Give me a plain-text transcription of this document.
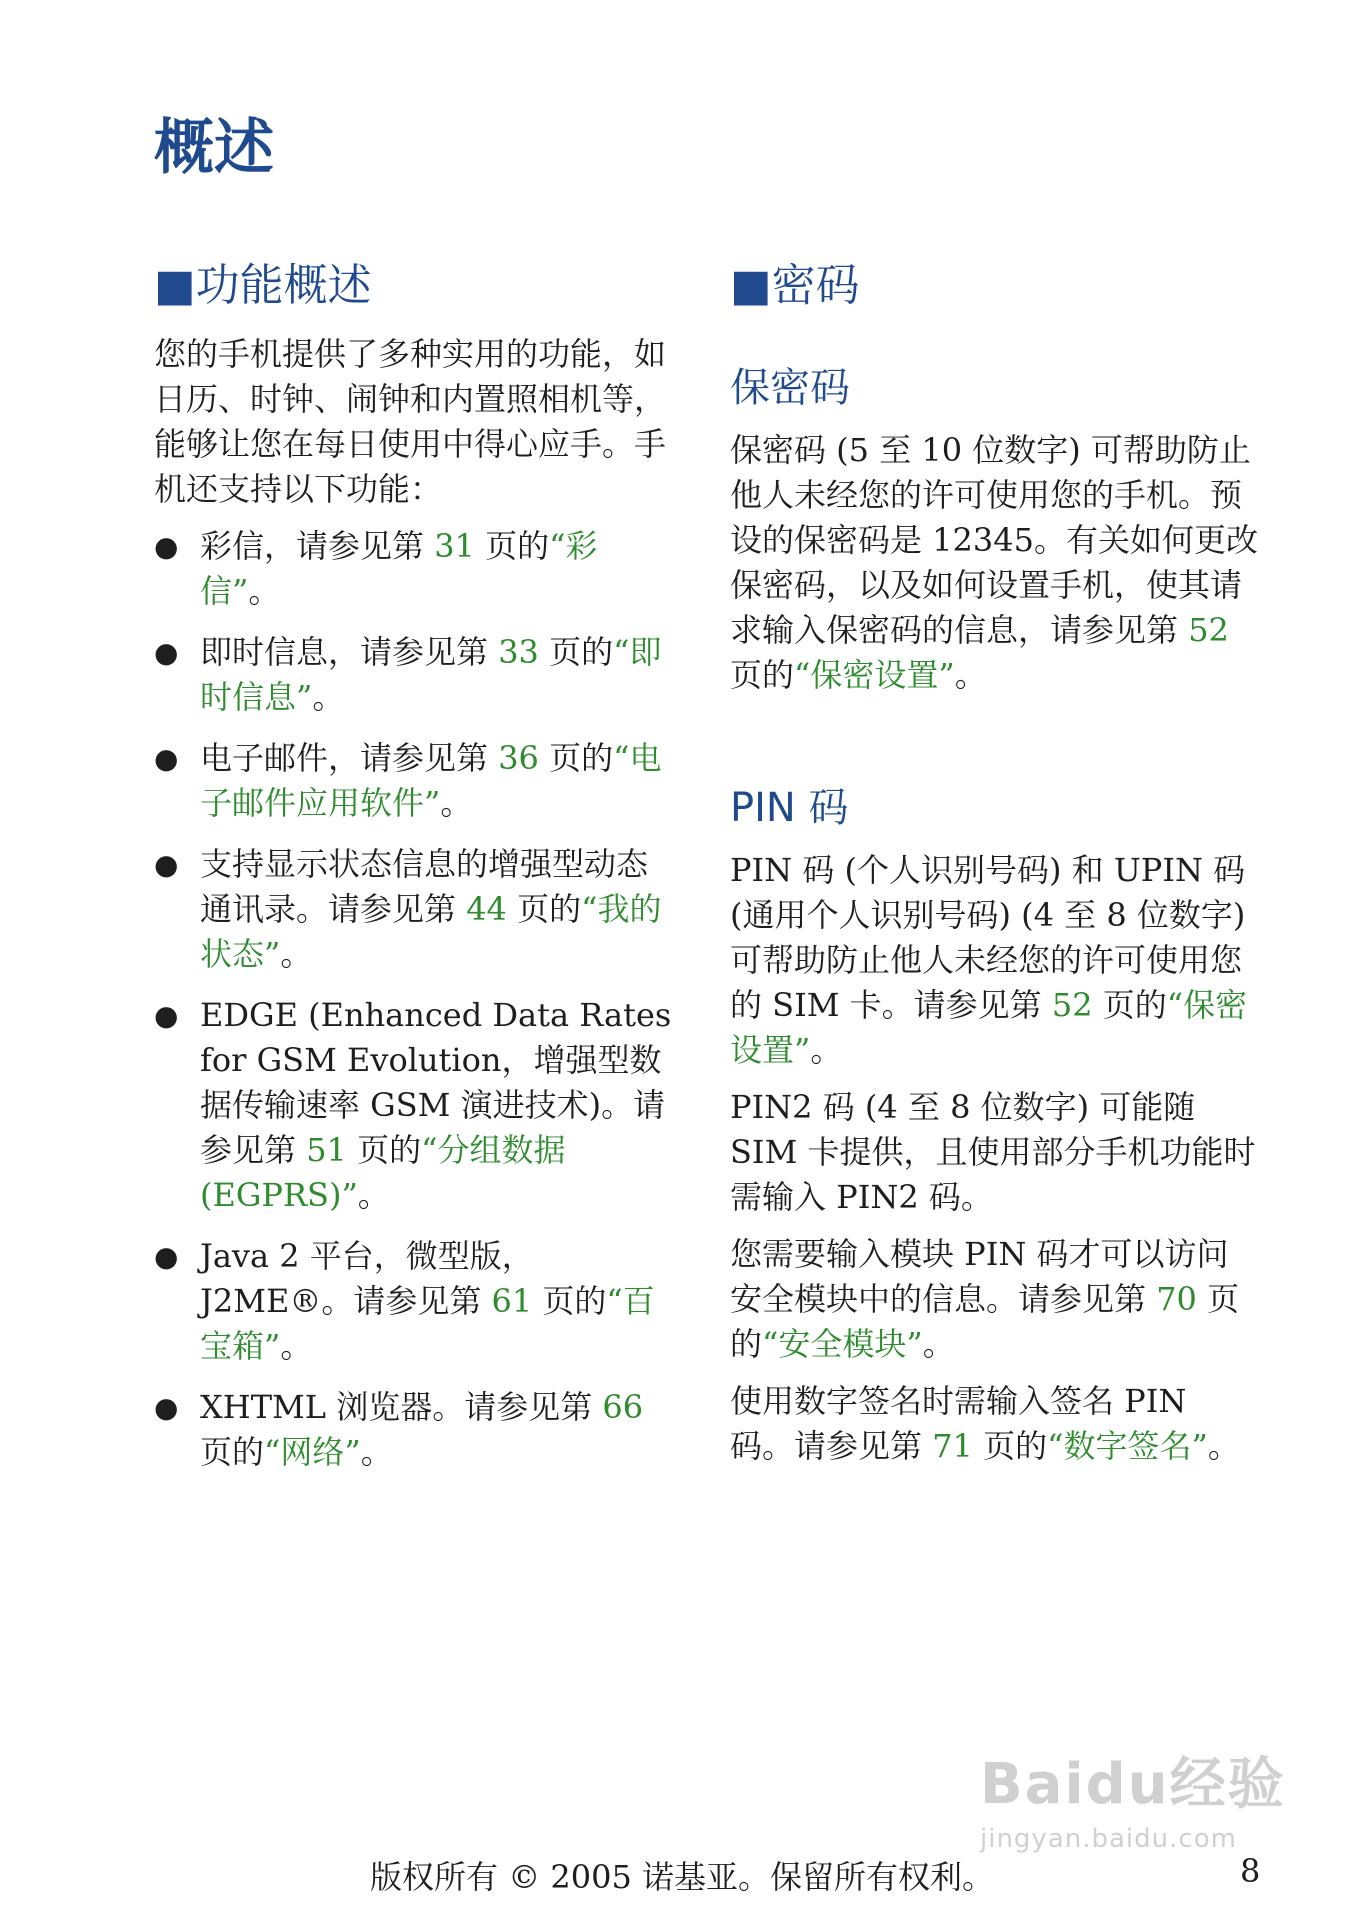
概述
■功能概述

您的手机提供了多种实用的功能，如日历、时钟、闹钟和内置照相机等，能够让您在每日使用中得心应手。手机还支持以下功能：

● 彩信，请参见第 31 页的“彩信”。
● 即时信息，请参见第 33 页的“即时信息”。
● 电子邮件，请参见第 36 页的“电子邮件应用软件”。
● 支持显示状态信息的增强型动态通讯录。请参见第 44 页的“我的状态”。
● EDGE (Enhanced Data Rates for GSM Evolution，增强型数据传输速率 GSM 演进技术)。请参见第 51 页的“分组数据 (EGPRS)”。
● Java 2 平台，微型版，J2ME®。请参见第 61 页的“百宝箱”。
● XHTML 浏览器。请参见第 66 页的“网络”。
■密码
保密码

保密码 (5 至 10 位数字) 可帮助防止他人未经您的许可使用您的手机。预设的保密码是 12345。有关如何更改保密码，以及如何设置手机，使其请求输入保密码的信息，请参见第 52 页的“保密设置”。

PIN 码

PIN 码 (个人识别号码) 和 UPIN 码 (通用个人识别号码) (4 至 8 位数字) 可帮助防止他人未经您的许可使用您的 SIM 卡。请参见第 52 页的“保密设置”。

PIN2 码 (4 至 8 位数字) 可能随 SIM 卡提供，且使用部分手机功能时需输入 PIN2 码。

您需要输入模块 PIN 码才可以访问安全模块中的信息。请参见第 70 页的“安全模块”。

使用数字签名时需输入签名 PIN 码。请参见第 71 页的“数字签名”。

Baidu经验
jingyan.baidu.com
版权所有 © 2005 诺基亚。保留所有权利。	8
